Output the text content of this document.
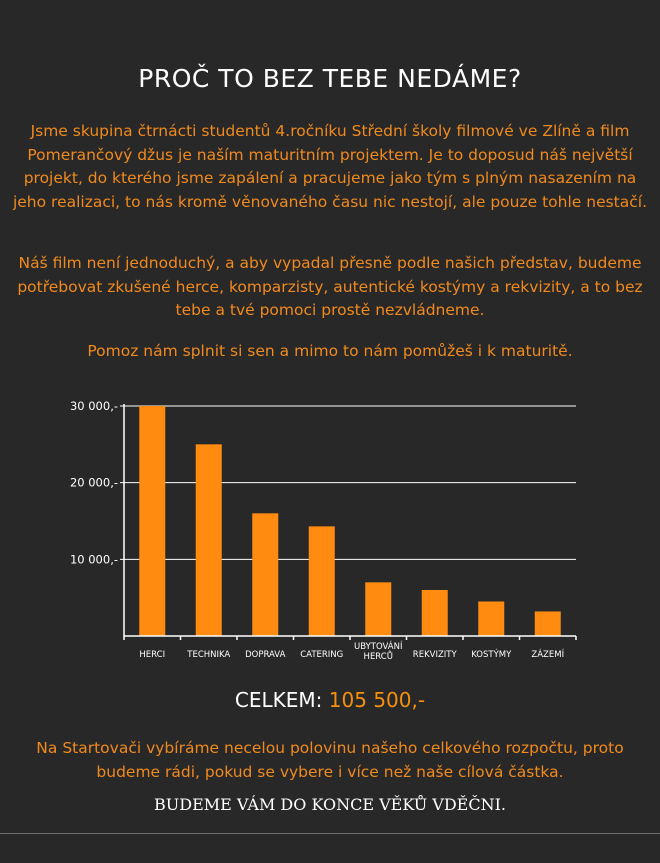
PROČ TO BEZ TEBE NEDÁME?
Jsme skupina čtrnácti studentů 4.ročníku Střední školy filmové ve Zlíně a film Pomerančový džus je naším maturitním projektem. Je to doposud náš největší projekt, do kterého jsme zapálení a pracujeme jako tým s plným nasazením na jeho realizaci, to nás kromě věnovaného času nic nestojí, ale pouze tohle nestačí.
Náš film není jednoduchý, a aby vypadal přesně podle našich představ, budeme potřebovat zkušené herce, komparzisty, autentické kostýmy a rekvizity, a to bez tebe a tvé pomoci prostě nezvládneme.
Pomoz nám splnit si sen a mimo to nám pomůžeš i k maturitě.
10 000,-
20 000,-
30 000,-
HERCI	TECHNIKA DOPRAVA CATERING
UBYTOVÁNÍ
HERCŮ REKVIZITY KOSTÝMY ZÁZEMÍ
CELKEM: 105 500,-
Na Startovači vybíráme necelou polovinu našeho celkového rozpočtu, proto budeme rádi, pokud se vybere i více než naše cílová částka.
BUDEME VÁM DO KONCE VĚKŮ VDĚČNI.
